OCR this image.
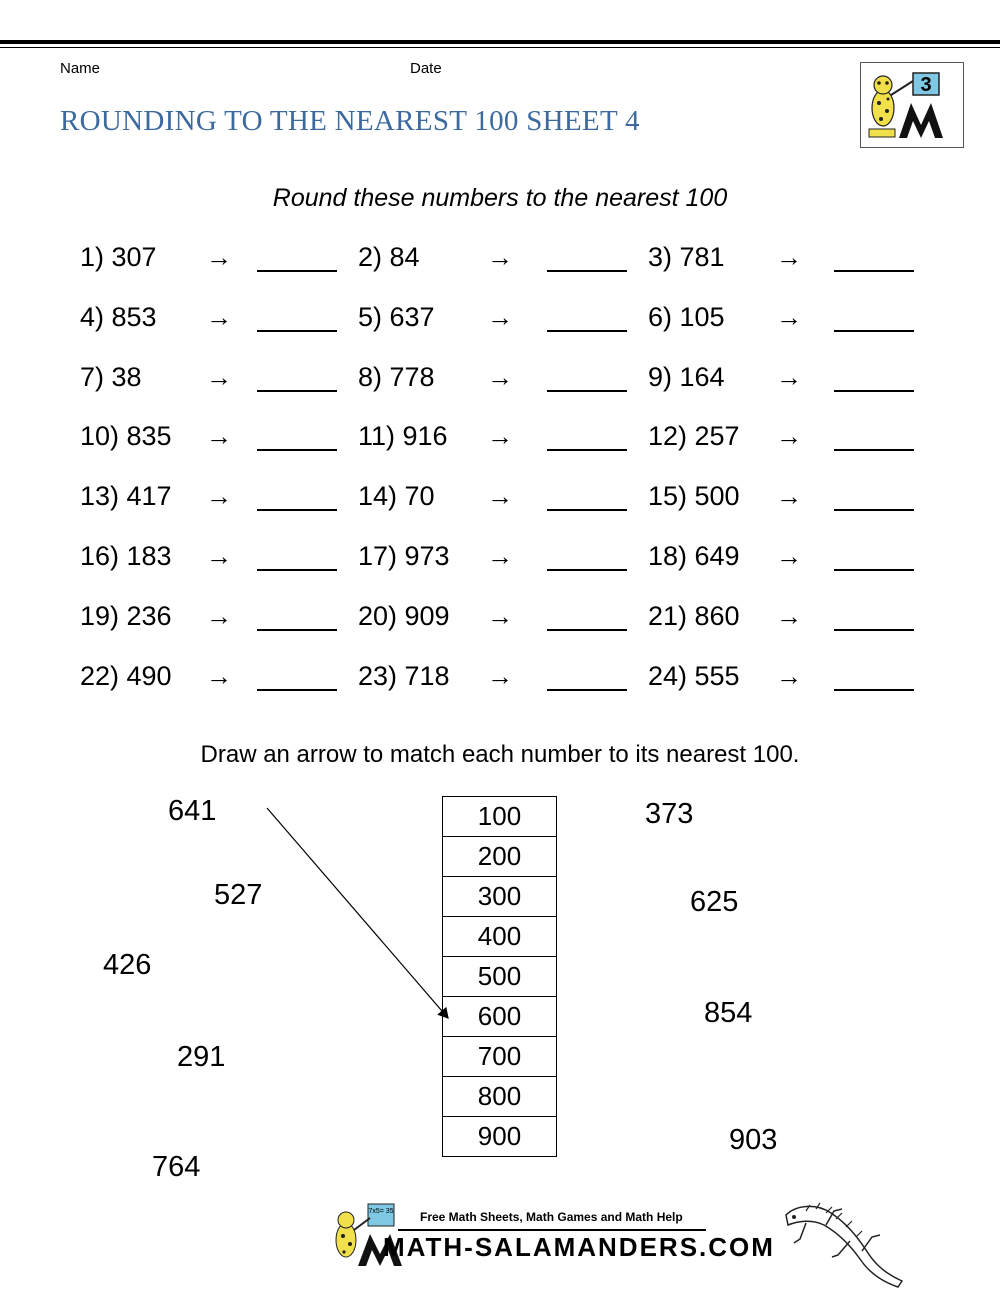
Name	Date
ROUNDING TO THE NEAREST 100 SHEET 4
3
Round these numbers to the nearest 100
1) 307 →	2) 84	→	3) 781 →
4) 853 →	5) 637 →	6) 105 →
7) 38 →	8) 778 →	9) 164 →
10) 835 →	11) 916 →	12) 257 →
13) 417 →	14) 70 →	15) 500 →
16) 183 →	17) 973 →	18) 649 →
19) 236 →	20) 909 →	21) 860 →
22) 490 →	23) 718 →	24) 555 →
Draw an arrow to match each number to its nearest 100.
100
200
300
400
500
600
700
800
900
641
527
426
291
764
373
625
854
903
7x5= 35 Free Math Sheets, Math Games and Math Help
MATH-SALAMANDERS.COM
